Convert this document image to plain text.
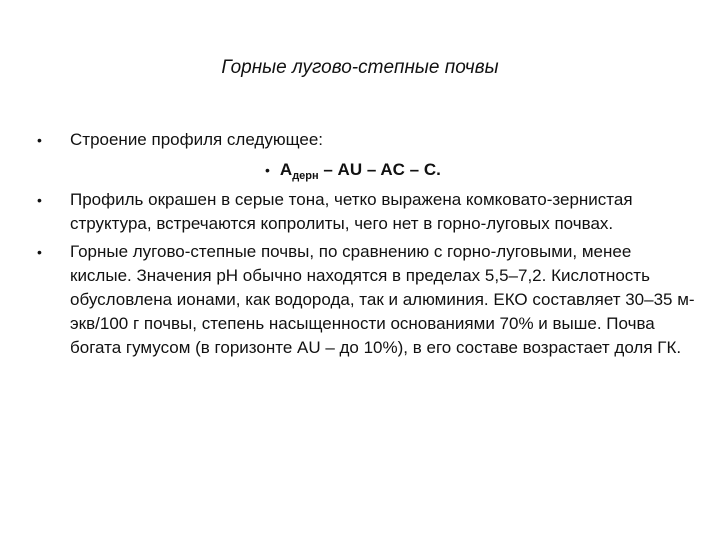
Горные лугово-степные почвы
• Строение профиля следующее:
• $A_{дерн}$ – AU – AC – C.
• Профиль окрашен в серые тона, четко выражена комковато-зернистая структура, встречаются копролиты, чего нет в горно-луговых почвах.
• Горные лугово-степные почвы, по сравнению с горно-луговыми, менее кислые. Значения pH обычно находятся в пределах 5,5–7,2. Кислотность обусловлена ионами, как водорода, так и алюминия. ЕКО составляет 30–35 м-экв/100 г почвы, степень насыщенности основаниями 70% и выше. Почва богата гумусом (в горизонте AU – до 10%), в его составе возрастает доля ГК.
